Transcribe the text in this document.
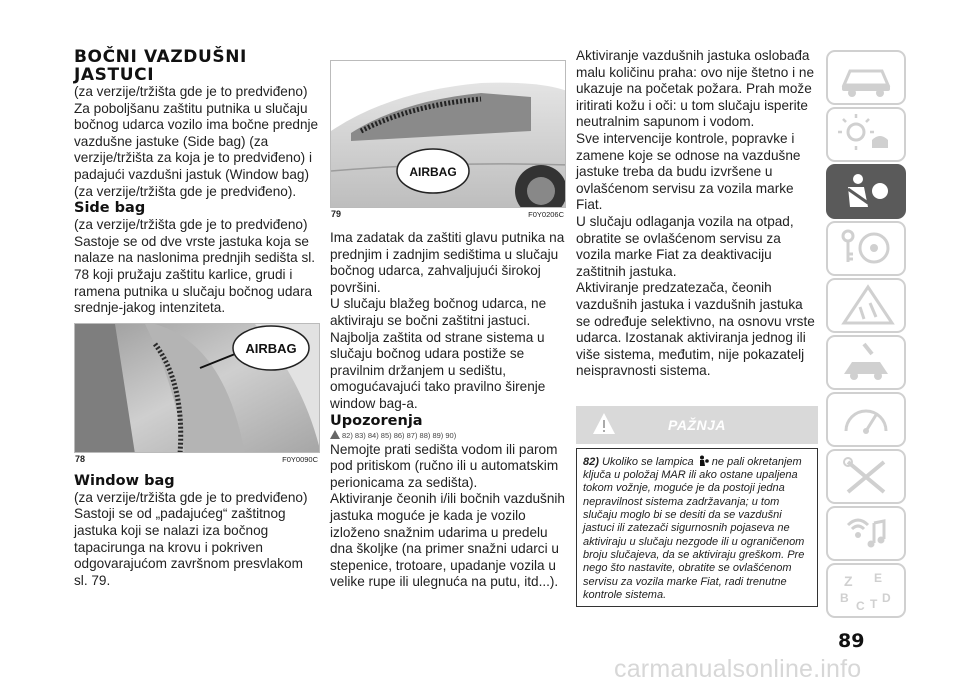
BOČNI VAZDUŠNI JASTUCI

(za verzije/tržišta gde je to predviđeno)

Za poboljšanu zaštitu putnika u slučaju bočnog udarca vozilo ima bočne prednje vazdušne jastuke (Side bag) (za verzije/tržišta za koja je to predviđeno) i padajući vazdušni jastuk (Window bag) (za verzije/tržišta gde je predviđeno).

Side bag

(za verzije/tržišta gde je to predviđeno)

Sastoje se od dve vrste jastuka koja se nalaze na naslonima prednjih sedišta sl. 78 koji pružaju zaštitu karlice, grudi i ramena putnika u slučaju bočnog udara srednje-jakog intenziteta.

AIRBAG
78	F0Y0090C
Window bag

(za verzije/tržišta gde je to predviđeno)

Sastoji se od „padajućeg“ zaštitnog jastuka koji se nalazi iza bočnog tapacirunga na krovu i pokriven odgovarajućom završnom presvlakom sl. 79.

AIRBAG
79	F0Y0206C

Ima zadatak da zaštiti glavu putnika na prednjim i zadnjim sedištima u slučaju bočnog udarca, zahvaljujući širokoj površini.

U slučaju blažeg bočnog udarca, ne aktiviraju se bočni zaštitni jastuci.

Najbolja zaštita od strane sistema u slučaju bočnog udara postiže se pravilnim držanjem u sedištu, omogućavajući tako pravilno širenje window bag-a.

Upozorenja
82) 83) 84) 85) 86) 87) 88) 89) 90)

Nemojte prati sedišta vodom ili parom pod pritiskom (ručno ili u automatskim perionicama za sedišta).

Aktiviranje čeonih i/ili bočnih vazdušnih jastuka moguće je kada je vozilo izloženo snažnim udarima u predelu dna školjke (na primer snažni udarci u stepenice, trotoare, upadanje vozila u velike rupe ili ulegnuća na putu, itd...).

Aktiviranje vazdušnih jastuka oslobađa malu količinu praha: ovo nije štetno i ne ukazuje na početak požara. Prah može iritirati kožu i oči: u tom slučaju isperite neutralnim sapunom i vodom.

Sve intervencije kontrole, popravke i zamene koje se odnose na vazdušne jastuke treba da budu izvršene u ovlašćenom servisu za vozila marke Fiat.

U slučaju odlaganja vozila na otpad, obratite se ovlašćenom servisu za vozila marke Fiat za deaktivaciju zaštitnih jastuka.

Aktiviranje predzatezača, čeonih vazdušnih jastuka i vazdušnih jastuka se određuje selektivno, na osnovu vrste udarca. Izostanak aktiviranja jednog ili više sistema, međutim, nije pokazatelj neispravnosti sistema.

PAŽNJA
82) Ukoliko se lampica ne pali okretanjem ključa u položaj MAR ili ako ostane upaljena tokom vožnje, moguće je da postoji jedna nepravilnost sistema zadržavanja; u tom slučaju moglo bi se desiti da se vazdušni jastuci ili zatezači sigurnosnih pojaseva ne aktiviraju u slučaju nezgode ili u ograničenom broju slučajeva, da se aktiviraju greškom. Pre nego što nastavite, obratite se ovlašćenom servisu za vozila marke Fiat, radi trenutne kontrole sistema.
Z E
B
C T D
89
carmanualsonline.info
